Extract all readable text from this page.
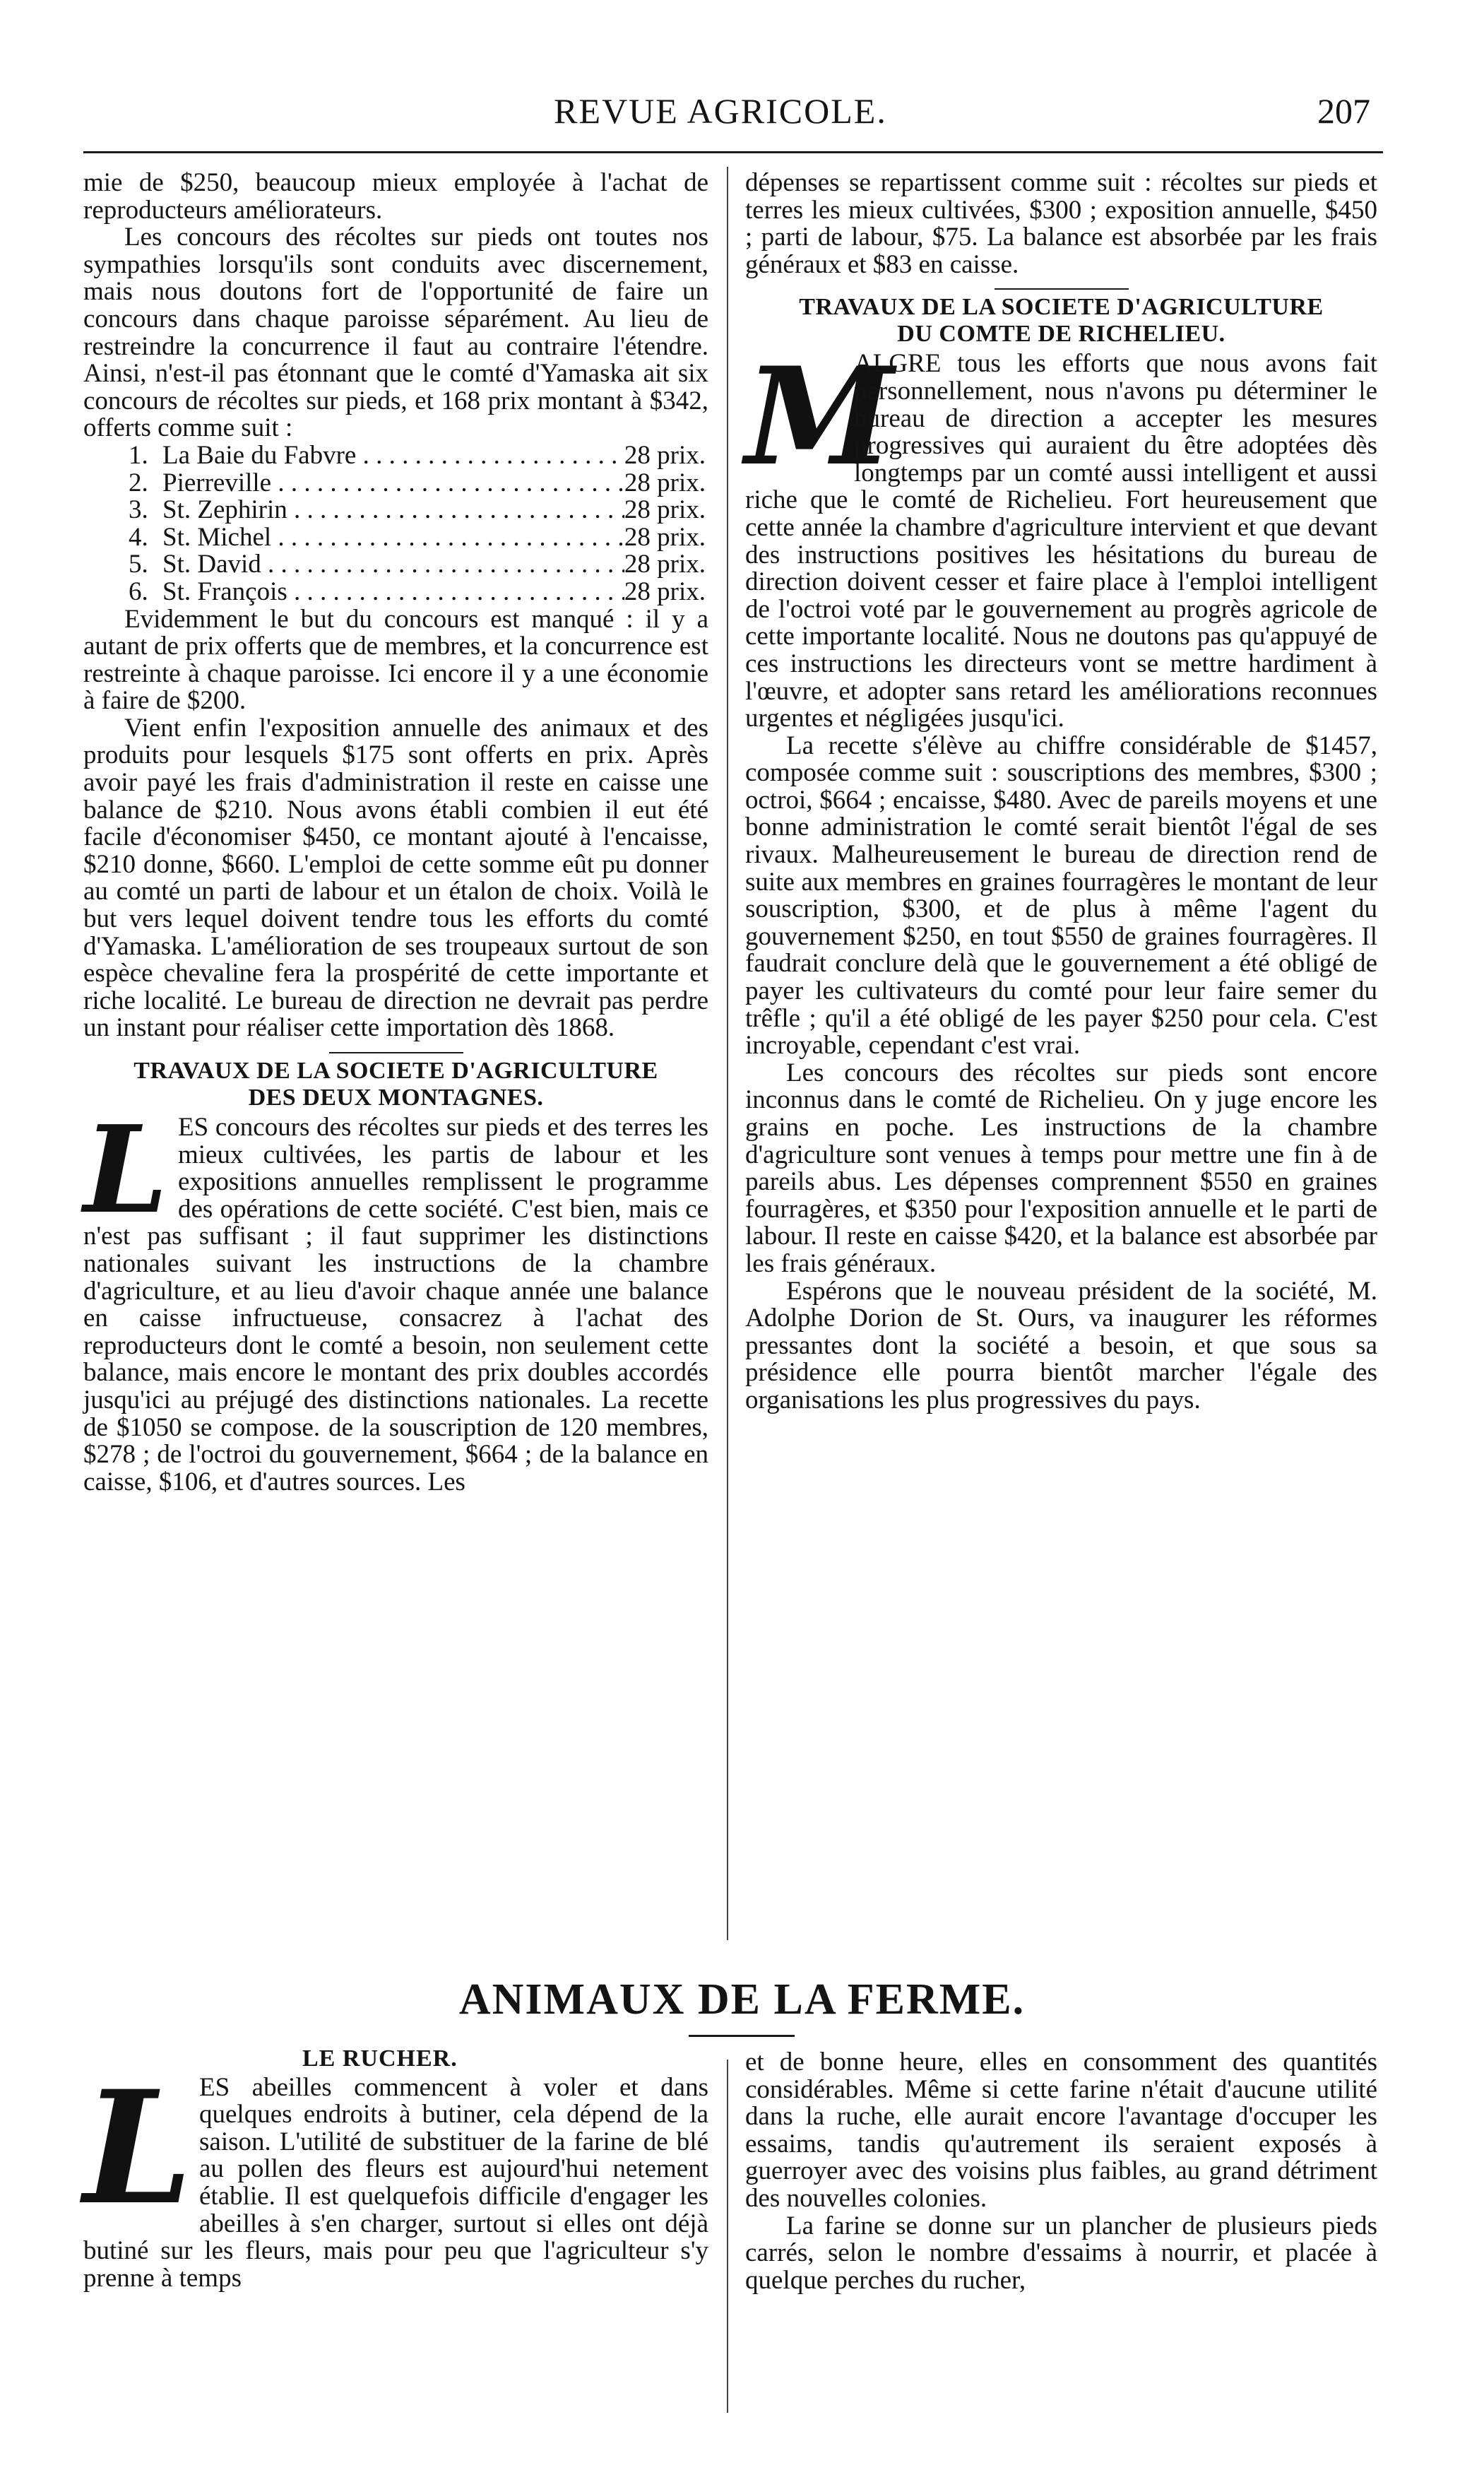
REVUE AGRICOLE.	207

mie de $250, beaucoup mieux employée à l'achat de reproducteurs améliorateurs.

Les concours des récoltes sur pieds ont toutes nos sympathies lorsqu'ils sont conduits avec discernement, mais nous doutons fort de l'opportunité de faire un concours dans chaque paroisse séparément. Au lieu de restreindre la concurrence il faut au contraire l'étendre. Ainsi, n'est-il pas étonnant que le comté d'Yamaska ait six concours de récoltes sur pieds, et 168 prix montant à $342, offerts comme suit :

1. La Baie du Fabvre . . .	28 prix.
2. Pierreville . . .	28 prix.
3. St. Zephirin . . .	28 prix.
4. St. Michel . . .	28 prix.
5. St. David . . .	28 prix.
6. St. François . . .	28 prix.

Evidemment le but du concours est manqué : il y a autant de prix offerts que de membres, et la concurrence est restreinte à chaque paroisse. Ici encore il y a une économie à faire de $200.

Vient enfin l'exposition annuelle des animaux et des produits pour lesquels $175 sont offerts en prix. Après avoir payé les frais d'administration il reste en caisse une balance de $210. Nous avons établi combien il eut été facile d'économiser $450, ce montant ajouté à l'encaisse, $210 donne, $660. L'emploi de cette somme eût pu donner au comté un parti de labour et un étalon de choix. Voilà le but vers lequel doivent tendre tous les efforts du comté d'Yamaska. L'amélioration de ses troupeaux surtout de son espèce chevaline fera la prospérité de cette importante et riche localité. Le bureau de direction ne devrait pas perdre un instant pour réaliser cette importation dès 1868.

TRAVAUX DE LA SOCIETE D'AGRICULTURE
DES DEUX MONTAGNES.

L ES concours des récoltes sur pieds et des terres les mieux cultivées, les partis de labour et les expositions annuelles remplissent le programme des opérations de cette société. C'est bien, mais ce n'est pas suffisant ; il faut supprimer les distinctions nationales suivant les instructions de la chambre d'agriculture, et au lieu d'avoir chaque année une balance en caisse infructueuse, consacrez à l'achat des reproducteurs dont le comté a besoin, non seulement cette balance, mais encore le montant des prix doubles accordés jusqu'ici au préjugé des distinctions nationales. La recette de $1050 se compose. de la souscription de 120 membres, $278 ; de l'octroi du gouvernement, $664 ; de la balance en caisse, $106, et d'autres sources. Les

dépenses se repartissent comme suit : récoltes sur pieds et terres les mieux cultivées, $300 ; exposition annuelle, $450 ; parti de labour, $75. La balance est absorbée par les frais généraux et $83 en caisse.

TRAVAUX DE LA SOCIETE D'AGRICULTURE
DU COMTE DE RICHELIEU.

M
ALGRE tous les efforts que nous avons fait personnellement, nous n'avons pu déterminer le bureau de direction a accepter les mesures progressives qui auraient du être adoptées dès longtemps par un comté aussi intelligent et aussi riche que le comté de Richelieu. Fort heureusement que cette année la chambre d'agriculture intervient et que devant des instructions positives les hésitations du bureau de direction doivent cesser et faire place à l'emploi intelligent de l'octroi voté par le gouvernement au progrès agricole de cette importante localité. Nous ne doutons pas qu'appuyé de ces instructions les directeurs vont se mettre hardiment à l'œuvre, et adopter sans retard les améliorations reconnues urgentes et négligées jusqu'ici.

La recette s'élève au chiffre considérable de $1457, composée comme suit : souscriptions des membres, $300 ; octroi, $664 ; encaisse, $480. Avec de pareils moyens et une bonne administration le comté serait bientôt l'égal de ses rivaux. Malheureusement le bureau de direction rend de suite aux membres en graines fourragères le montant de leur souscription, $300, et de plus à même l'agent du gouvernement $250, en tout $550 de graines fourragères. Il faudrait conclure delà que le gouvernement a été obligé de payer les cultivateurs du comté pour leur faire semer du trêfle ; qu'il a été obligé de les payer $250 pour cela. C'est incroyable, cependant c'est vrai.

Les concours des récoltes sur pieds sont encore inconnus dans le comté de Richelieu. On y juge encore les grains en poche. Les instructions de la chambre d'agriculture sont venues à temps pour mettre une fin à de pareils abus. Les dépenses comprennent $550 en graines fourragères, et $350 pour l'exposition annuelle et le parti de labour. Il reste en caisse $420, et la balance est absorbée par les frais généraux.

Espérons que le nouveau président de la société, M. Adolphe Dorion de St. Ours, va inaugurer les réformes pressantes dont la société a besoin, et que sous sa présidence elle pourra bientôt marcher l'égale des organisations les plus progressives du pays.

ANIMAUX DE LA FERME.
LE RUCHER.

L ES abeilles commencent à voler et dans quelques endroits à butiner, cela dépend de la saison. L'utilité de substituer de la farine de blé au pollen des fleurs est aujourd'hui netement établie. Il est quelquefois difficile d'engager les abeilles à s'en charger, surtout si elles ont déjà butiné sur les fleurs, mais pour peu que l'agriculteur s'y prenne à temps

et de bonne heure, elles en consomment des quantités considérables. Même si cette farine n'était d'aucune utilité dans la ruche, elle aurait encore l'avantage d'occuper les essaims, tandis qu'autrement ils seraient exposés à guerroyer avec des voisins plus faibles, au grand détriment des nouvelles colonies.

La farine se donne sur un plancher de plusieurs pieds carrés, selon le nombre d'essaims à nourrir, et placée à quelque perches du rucher,
